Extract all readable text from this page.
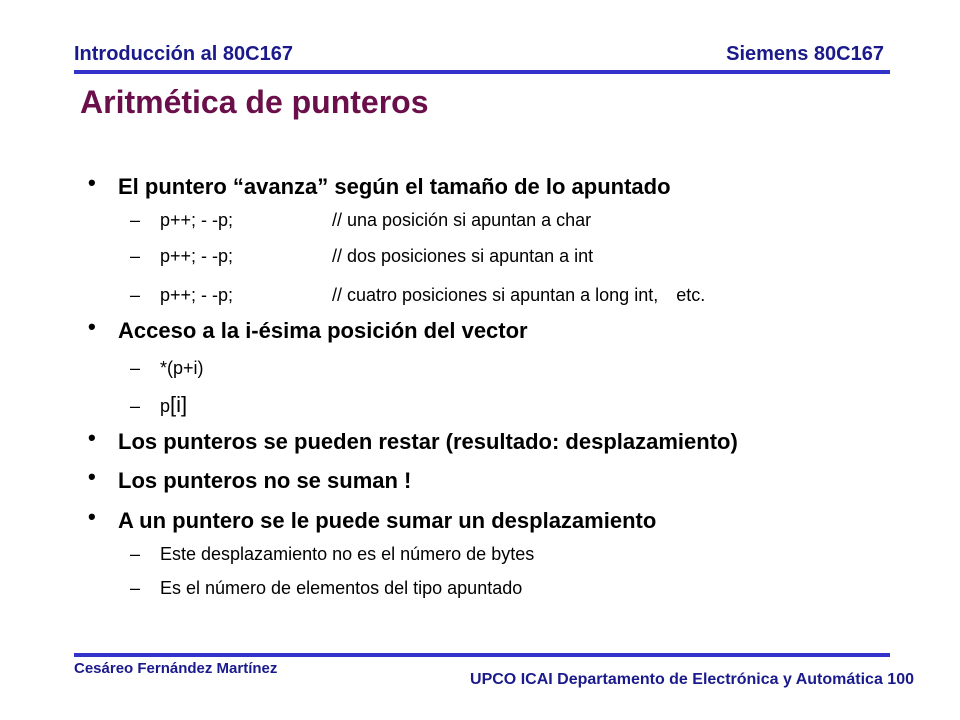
Introducción al 80C167	Siemens 80C167
Aritmética de punteros
• El puntero “avanza” según el tamaño de lo apuntado
– p++; - -p;	// una posición si apuntan a char
– p++; - -p;	// dos posiciones si apuntan a int
– p++; - -p;	// cuatro posiciones si apuntan a long int, etc.
• Acceso a la i-ésima posición del vector
– *(p+i)
– p[i]
• Los punteros se pueden restar (resultado: desplazamiento)
• Los punteros no se suman !
• A un puntero se le puede sumar un desplazamiento
– Este desplazamiento no es el número de bytes
– Es el número de elementos del tipo apuntado
Cesáreo Fernández Martínez
UPCO ICAI Departamento de Electrónica y Automática 100
